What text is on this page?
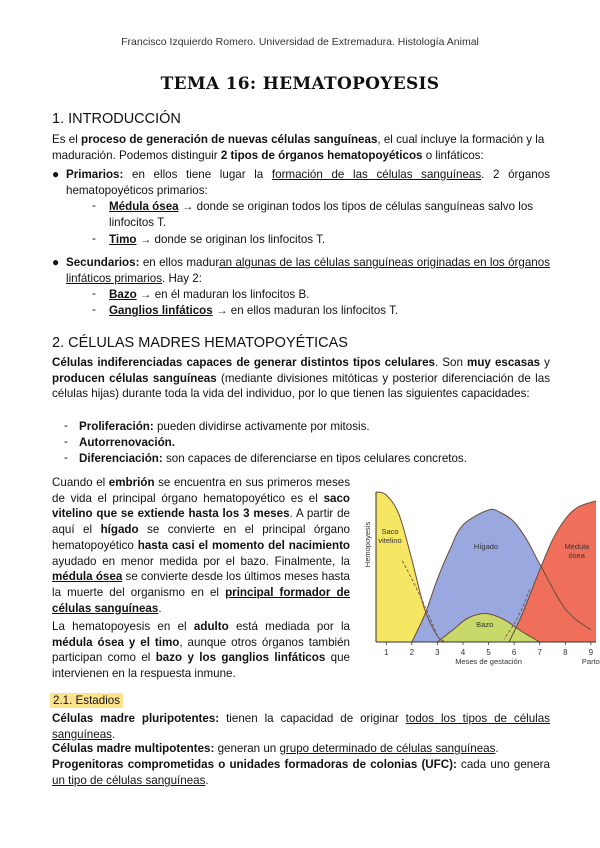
Francisco Izquierdo Romero. Universidad de Extremadura. Histología Animal
TEMA 16: HEMATOPOYESIS
1. INTRODUCCIÓN
Es el proceso de generación de nuevas células sanguíneas, el cual incluye la formación y la maduración. Podemos distinguir 2 tipos de órganos hematopoyéticos o linfáticos:
● Primarios: en ellos tiene lugar la formación de las células sanguíneas. 2 órganos hematopoyéticos primarios:
- Médula ósea → donde se originan todos los tipos de células sanguíneas salvo los linfocitos T.
- Timo → donde se originan los linfocitos T.
● Secundarios: en ellos maduran algunas de las células sanguíneas originadas en los órganos linfáticos primarios. Hay 2:
- Bazo → en él maduran los linfocitos B.
- Ganglios linfáticos → en ellos maduran los linfocitos T.
2. CÉLULAS MADRES HEMATOPOYÉTICAS
Células indiferenciadas capaces de generar distintos tipos celulares. Son muy escasas y producen células sanguíneas (mediante divisiones mitóticas y posterior diferenciación de las células hijas) durante toda la vida del individuo, por lo que tienen las siguientes capacidades:
- Proliferación: pueden dividirse activamente por mitosis.
- Autorrenovación.
- Diferenciación: son capaces de diferenciarse en tipos celulares concretos.
Cuando el embrión se encuentra en sus primeros meses de vida el principal órgano hematopoyético es el saco vitelino que se extiende hasta los 3 meses. A partir de aquí el hígado se convierte en el principal órgano hematopoyético hasta casi el momento del nacimiento ayudado en menor medida por el bazo. Finalmente, la médula ósea se convierte desde los últimos meses hasta la muerte del organismo en el principal formador de células sanguíneas.
La hematopoyesis en el adulto está mediada por la médula ósea y el timo, aunque otros órganos también participan como el bazo y los ganglios linfáticos que intervienen en la respuesta inmune.
1	2	3	4	5	6	7	8	9
Meses de gestación	Parto
Hemopoyesis Saco
vitelino
Hígado	Médula
ósea
Bazo
2.1. Estadios
Células madre pluripotentes: tienen la capacidad de originar todos los tipos de células sanguíneas.
Células madre multipotentes: generan un grupo determinado de células sanguíneas.
Progenitoras comprometidas o unidades formadoras de colonias (UFC): cada uno genera un tipo de células sanguíneas.
